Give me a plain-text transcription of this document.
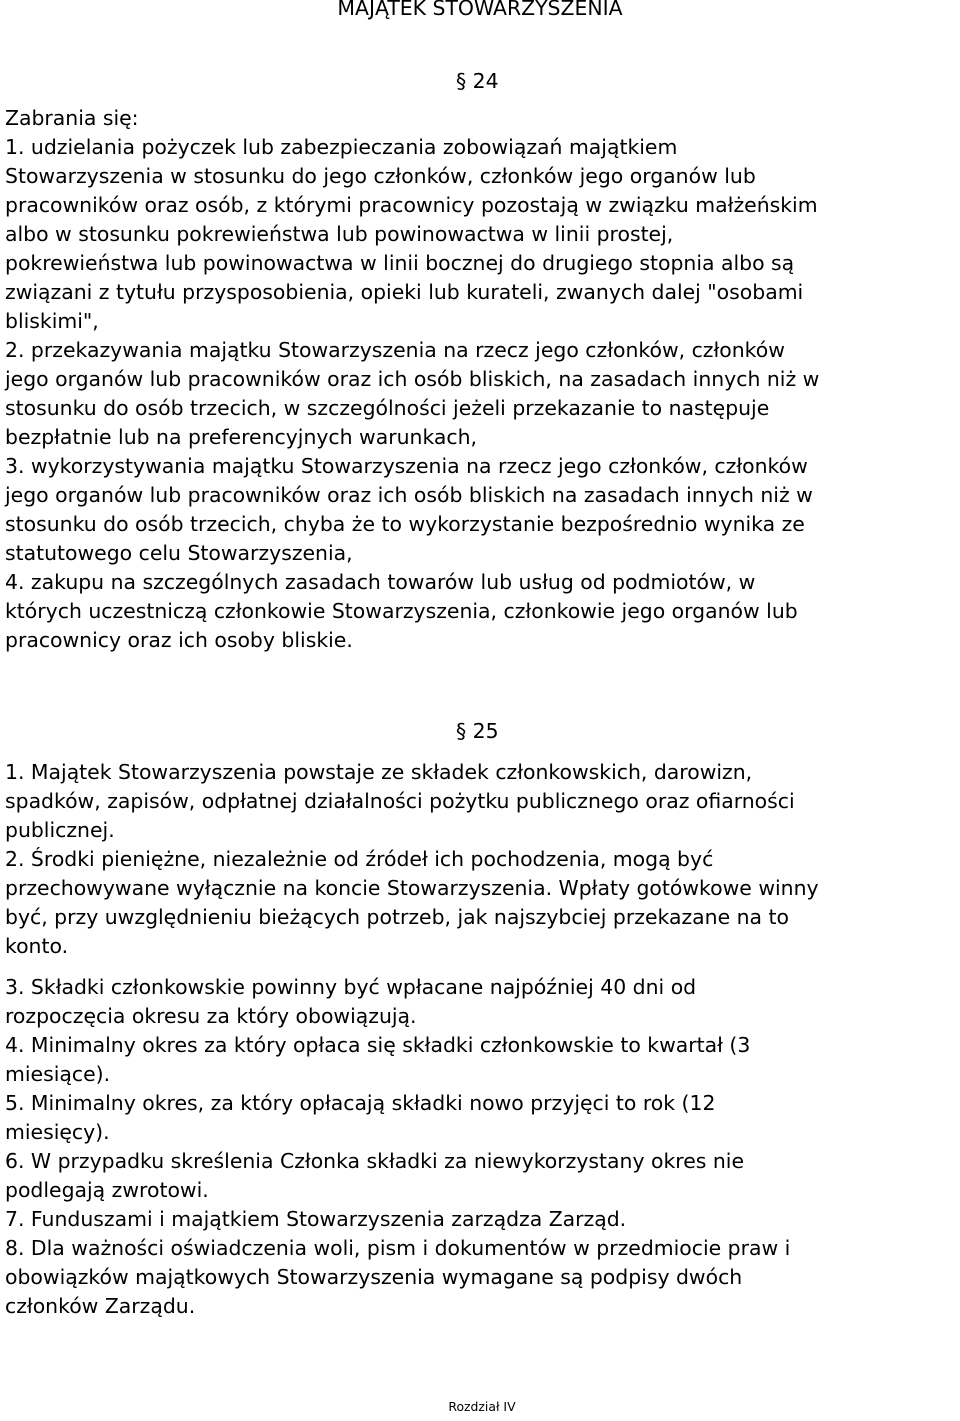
MAJĄTEK STOWARZYSZENIA
§ 24
Zabrania się:
1. udzielania pożyczek lub zabezpieczania zobowiązań majątkiem
Stowarzyszenia w stosunku do jego członków, członków jego organów lub
pracowników oraz osób, z którymi pracownicy pozostają w związku małżeńskim
albo w stosunku pokrewieństwa lub powinowactwa w linii prostej,
pokrewieństwa lub powinowactwa w linii bocznej do drugiego stopnia albo są
związani z tytułu przysposobienia, opieki lub kurateli, zwanych dalej "osobami
bliskimi",
2. przekazywania majątku Stowarzyszenia na rzecz jego członków, członków
jego organów lub pracowników oraz ich osób bliskich, na zasadach innych niż w
stosunku do osób trzecich, w szczególności jeżeli przekazanie to następuje
bezpłatnie lub na preferencyjnych warunkach,
3. wykorzystywania majątku Stowarzyszenia na rzecz jego członków, członków
jego organów lub pracowników oraz ich osób bliskich na zasadach innych niż w
stosunku do osób trzecich, chyba że to wykorzystanie bezpośrednio wynika ze
statutowego celu Stowarzyszenia,
4. zakupu na szczególnych zasadach towarów lub usług od podmiotów, w
których uczestniczą członkowie Stowarzyszenia, członkowie jego organów lub
pracownicy oraz ich osoby bliskie.
§ 25
1. Majątek Stowarzyszenia powstaje ze składek członkowskich, darowizn,
spadków, zapisów, odpłatnej działalności pożytku publicznego oraz ofiarności
publicznej.
2. Środki pieniężne, niezależnie od źródeł ich pochodzenia, mogą być
przechowywane wyłącznie na koncie Stowarzyszenia. Wpłaty gotówkowe winny
być, przy uwzględnieniu bieżących potrzeb, jak najszybciej przekazane na to
konto.
3. Składki członkowskie powinny być wpłacane najpóźniej 40 dni od
rozpoczęcia okresu za który obowiązują.
4. Minimalny okres za który opłaca się składki członkowskie to kwartał (3
miesiące).
5. Minimalny okres, za który opłacają składki nowo przyjęci to rok (12
miesięcy).
6. W przypadku skreślenia Członka składki za niewykorzystany okres nie
podlegają zwrotowi.
7. Funduszami i majątkiem Stowarzyszenia zarządza Zarząd.
8. Dla ważności oświadczenia woli, pism i dokumentów w przedmiocie praw i
obowiązków majątkowych Stowarzyszenia wymagane są podpisy dwóch
członków Zarządu.
Rozdział IV
